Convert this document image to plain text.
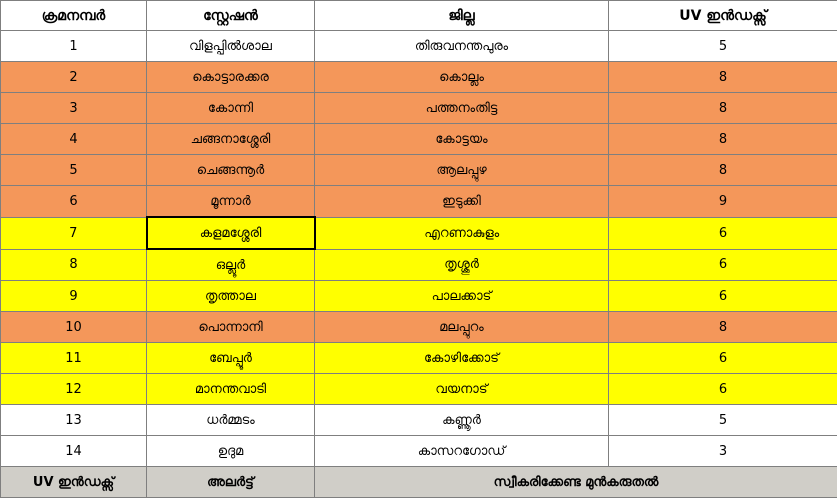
ക്രമനമ്പർ	സ്റ്റേഷൻ	ജില്ല	UV ഇൻഡക്സ്
1	വിളപ്പിൽശാല	തിരുവനന്തപുരം	5
2	കൊട്ടാരക്കര	കൊല്ലം	8
3	കോന്നി	പത്തനംതിട്ട	8
4	ചങ്ങനാശ്ശേരി	കോട്ടയം	8
5	ചെങ്ങന്നൂർ	ആലപ്പുഴ	8
6	മൂന്നാർ	ഇടുക്കി	9
7	കളമശ്ശേരി	എറണാകുളം	6
8	ഒല്ലൂർ	തൃശ്ശൂർ	6
9	തൃത്താല	പാലക്കാട്	6
10	പൊന്നാനി	മലപ്പുറം	8
11	ബേപ്പൂർ	കോഴിക്കോട്	6
12	മാനന്തവാടി	വയനാട്	6
13	ധർമ്മടം	കണ്ണൂർ	5
14	ഉദുമ	കാസറഗോഡ്	3
UV ഇൻഡക്സ്	അലർട്ട്	സ്വീകരിക്കേണ്ട മുൻകരുതൽ	
